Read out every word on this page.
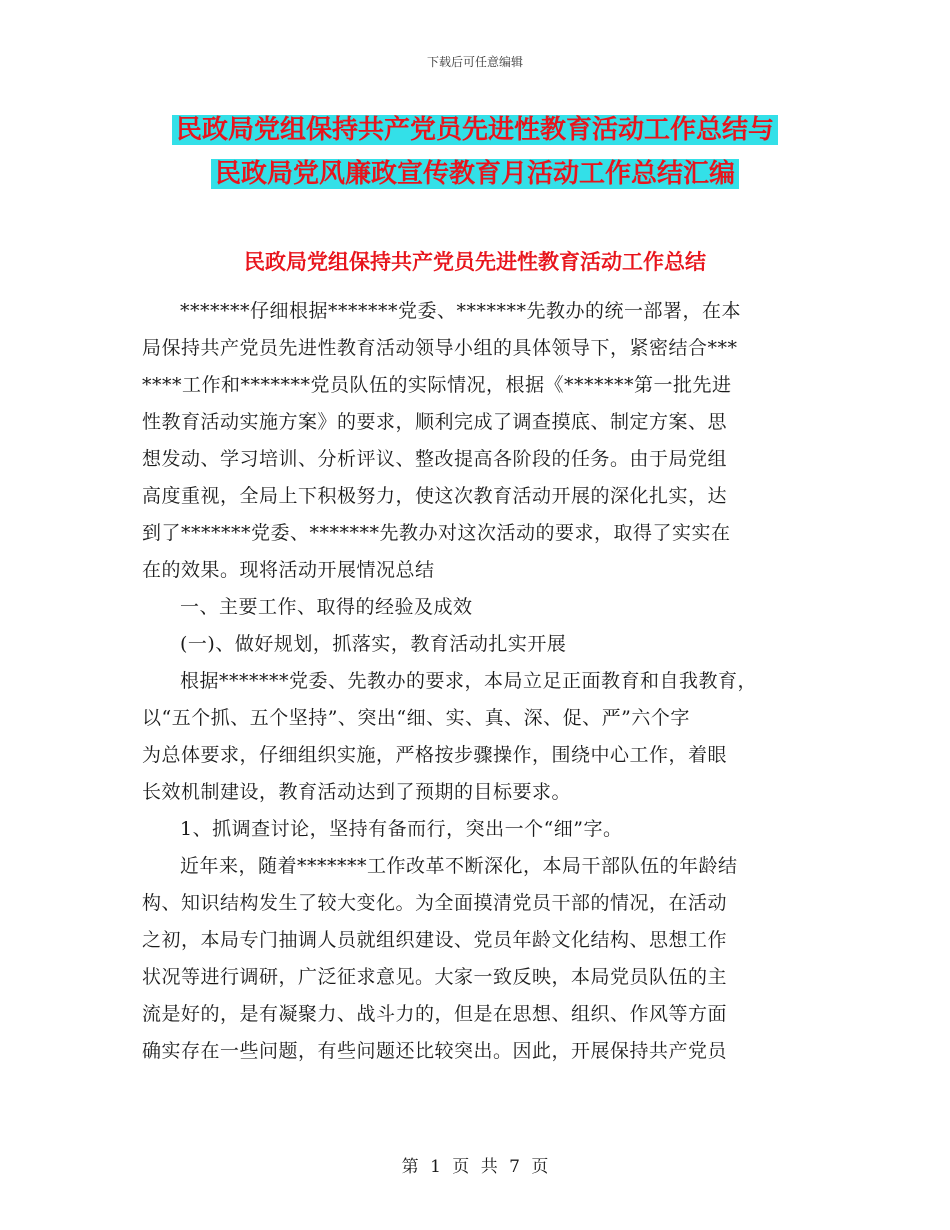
下载后可任意编辑
民政局党组保持共产党员先进性教育活动工作总结与
民政局党风廉政宣传教育月活动工作总结汇编
民政局党组保持共产党员先进性教育活动工作总结

*******仔细根据*******党委、*******先教办的统一部署，在本
局保持共产党员先进性教育活动领导小组的具体领导下，紧密结合***
****工作和*******党员队伍的实际情况，根据《*******第一批先进
性教育活动实施方案》的要求，顺利完成了调查摸底、制定方案、思
想发动、学习培训、分析评议、整改提高各阶段的任务。由于局党组
高度重视，全局上下积极努力，使这次教育活动开展的深化扎实，达
到了*******党委、*******先教办对这次活动的要求，取得了实实在
在的效果。现将活动开展情况总结

一、主要工作、取得的经验及成效

(一)、做好规划，抓落实，教育活动扎实开展

根据*******党委、先教办的要求，本局立足正面教育和自我教育，
以“五个抓、五个坚持”、突出“细、实、真、深、促、严”六个字
为总体要求，仔细组织实施，严格按步骤操作，围绕中心工作，着眼
长效机制建设，教育活动达到了预期的目标要求。

1、抓调查讨论，坚持有备而行，突出一个“细”字。

近年来，随着*******工作改革不断深化，本局干部队伍的年龄结
构、知识结构发生了较大变化。为全面摸清党员干部的情况，在活动
之初，本局专门抽调人员就组织建设、党员年龄文化结构、思想工作
状况等进行调研，广泛征求意见。大家一致反映，本局党员队伍的主
流是好的，是有凝聚力、战斗力的，但是在思想、组织、作风等方面
确实存在一些问题，有些问题还比较突出。因此，开展保持共产党员

第 1 页 共 7 页
